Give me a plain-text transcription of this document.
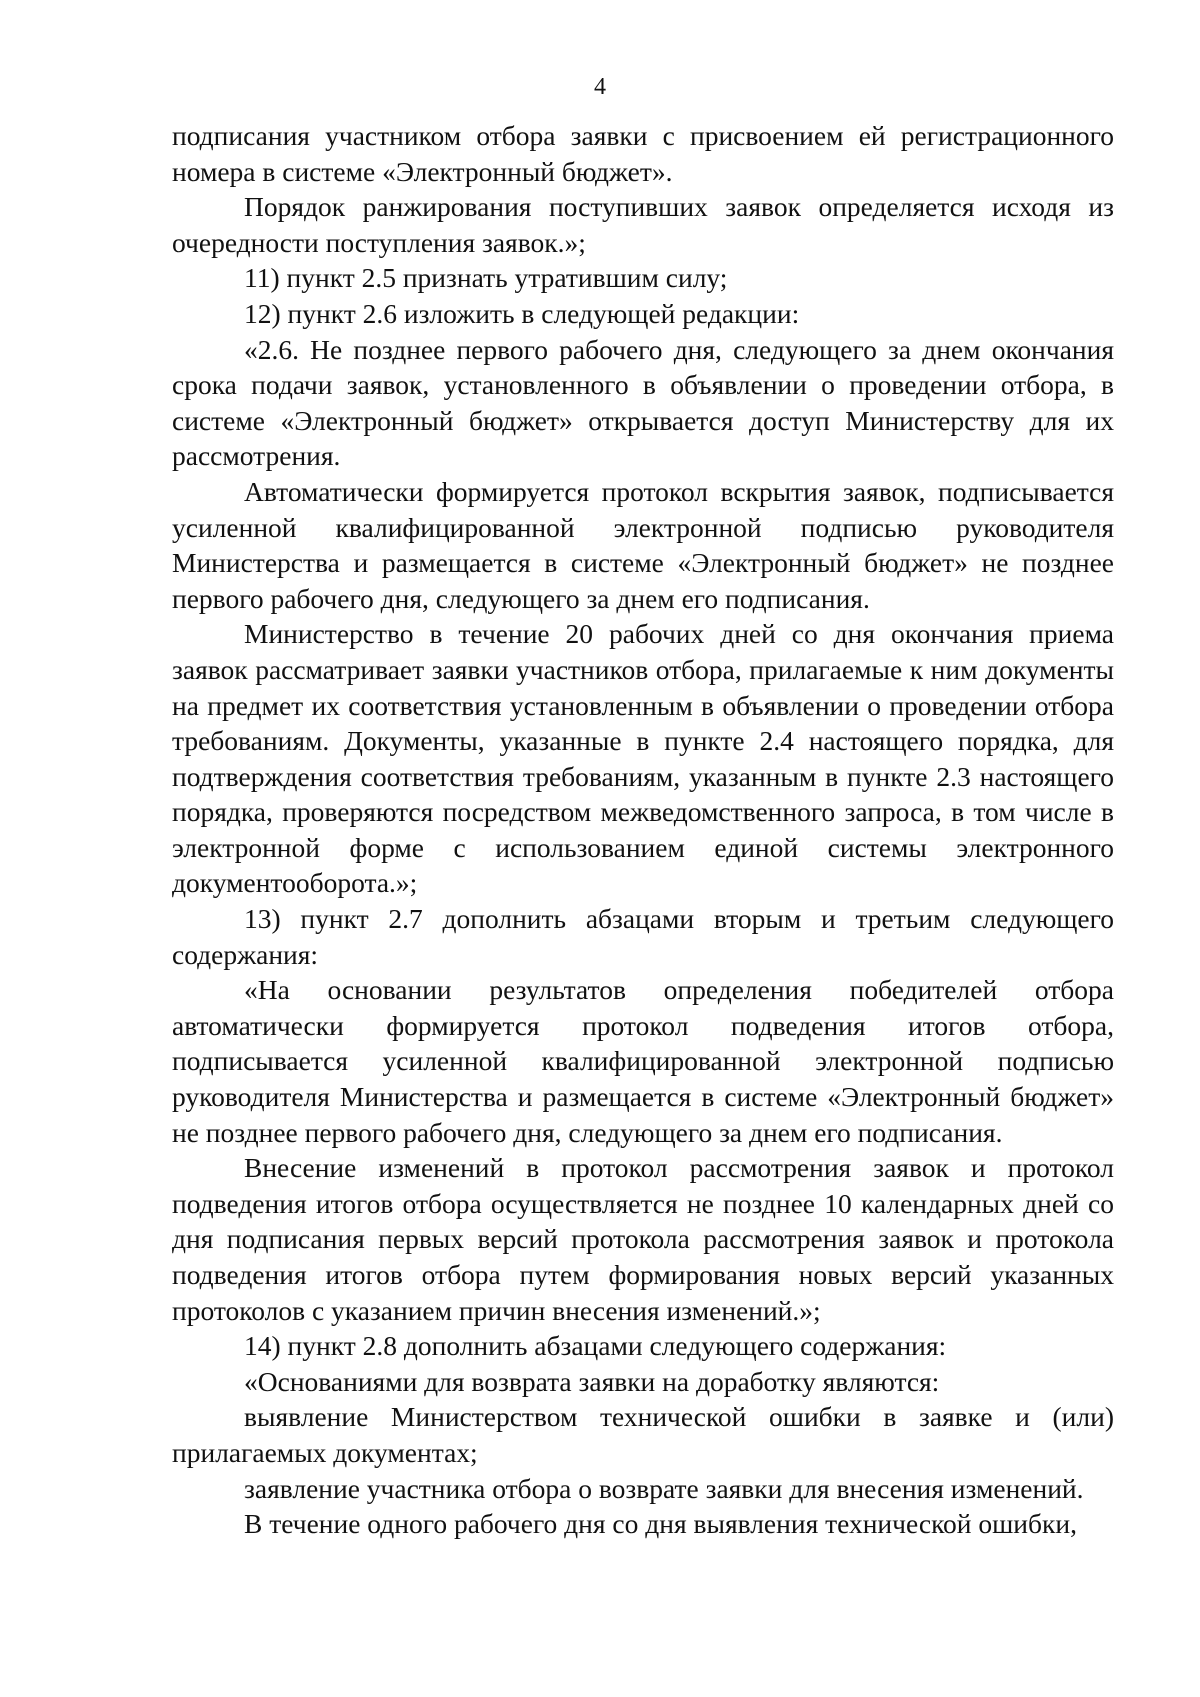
4

подписания участником отбора заявки с присвоением ей регистрационного номера в системе «Электронный бюджет».

Порядок ранжирования поступивших заявок определяется исходя из очередности поступления заявок.»;

11) пункт 2.5 признать утратившим силу;

12) пункт 2.6 изложить в следующей редакции:

«2.6. Не позднее первого рабочего дня, следующего за днем окончания срока подачи заявок, установленного в объявлении о проведении отбора, в системе «Электронный бюджет» открывается доступ Министерству для их рассмотрения.

Автоматически формируется протокол вскрытия заявок, подписывается усиленной квалифицированной электронной подписью руководителя Министерства и размещается в системе «Электронный бюджет» не позднее первого рабочего дня, следующего за днем его подписания.

Министерство в течение 20 рабочих дней со дня окончания приема заявок рассматривает заявки участников отбора, прилагаемые к ним документы на предмет их соответствия установленным в объявлении о проведении отбора требованиям. Документы, указанные в пункте 2.4 настоящего порядка, для подтверждения соответствия требованиям, указанным в пункте 2.3 настоящего порядка, проверяются посредством межведомственного запроса, в том числе в электронной форме с использованием единой системы электронного документооборота.»;

13) пункт 2.7 дополнить абзацами вторым и третьим следующего содержания:

«На основании результатов определения победителей отбора автоматически формируется протокол подведения итогов отбора, подписывается усиленной квалифицированной электронной подписью руководителя Министерства и размещается в системе «Электронный бюджет» не позднее первого рабочего дня, следующего за днем его подписания.

Внесение изменений в протокол рассмотрения заявок и протокол подведения итогов отбора осуществляется не позднее 10 календарных дней со дня подписания первых версий протокола рассмотрения заявок и протокола подведения итогов отбора путем формирования новых версий указанных протоколов с указанием причин внесения изменений.»;

14) пункт 2.8 дополнить абзацами следующего содержания:

«Основаниями для возврата заявки на доработку являются:

выявление Министерством технической ошибки в заявке и (или) прилагаемых документах;

заявление участника отбора о возврате заявки для внесения изменений.

В течение одного рабочего дня со дня выявления технической ошибки,
